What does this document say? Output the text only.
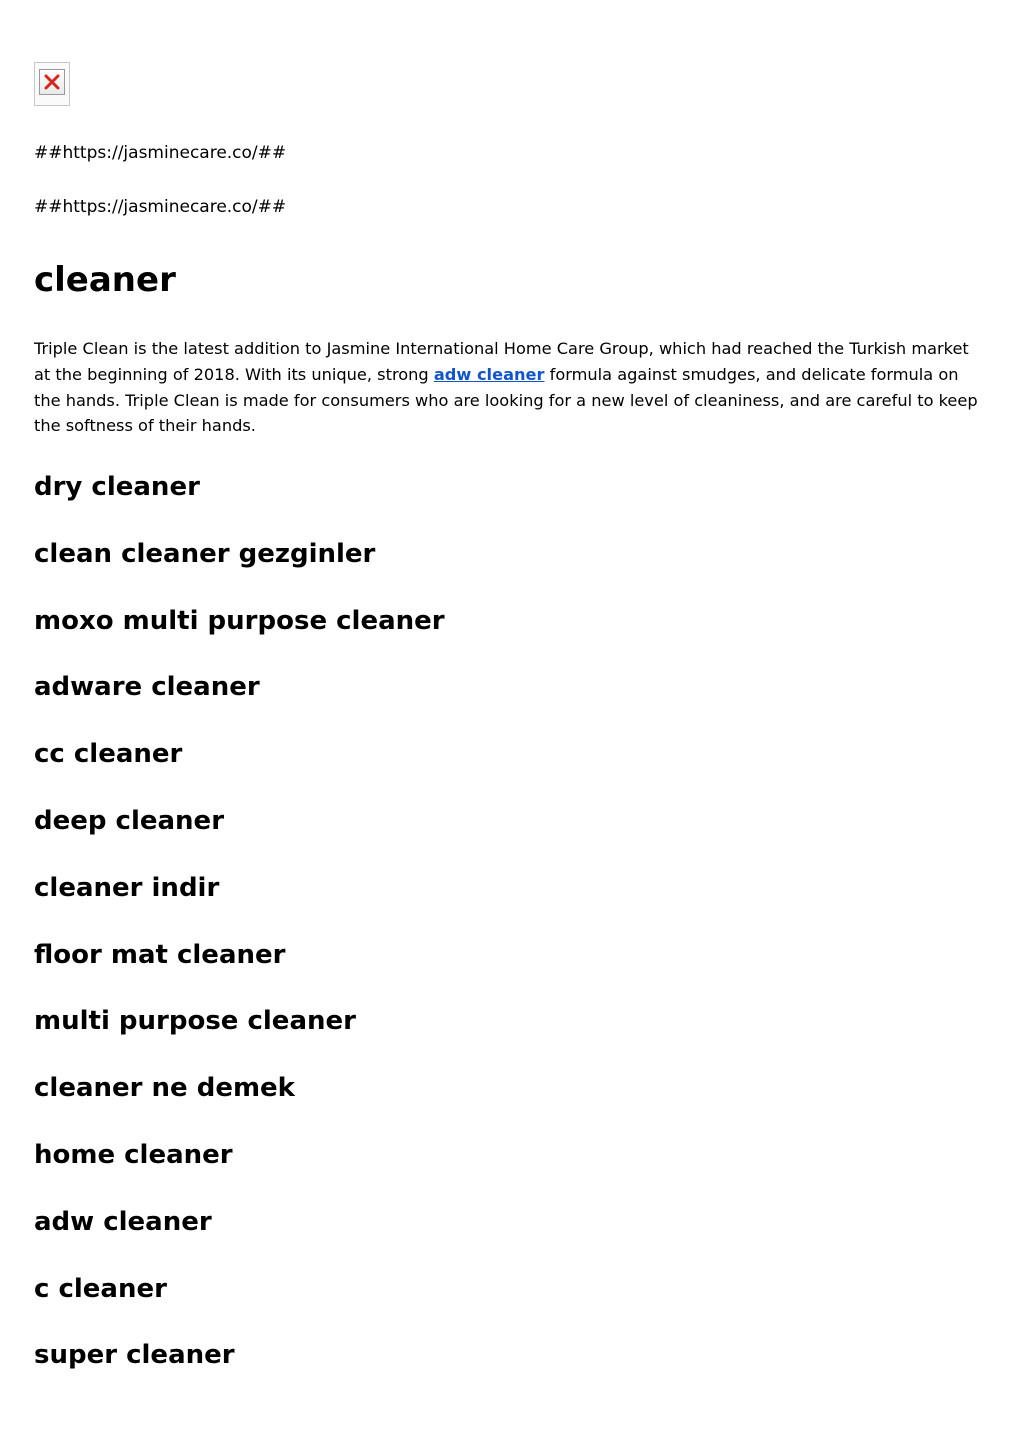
##https://jasminecare.co/##

##https://jasminecare.co/##

cleaner

Triple Clean is the latest addition to Jasmine International Home Care Group, which had reached the Turkish market at the beginning of 2018. With its unique, strong adw cleaner formula against smudges, and delicate formula on the hands. Triple Clean is made for consumers who are looking for a new level of cleaniness, and are careful to keep the softness of their hands.

dry cleaner
clean cleaner gezginler
moxo multi purpose cleaner
adware cleaner
cc cleaner
deep cleaner
cleaner indir
floor mat cleaner
multi purpose cleaner
cleaner ne demek
home cleaner
adw cleaner
c cleaner
super cleaner
